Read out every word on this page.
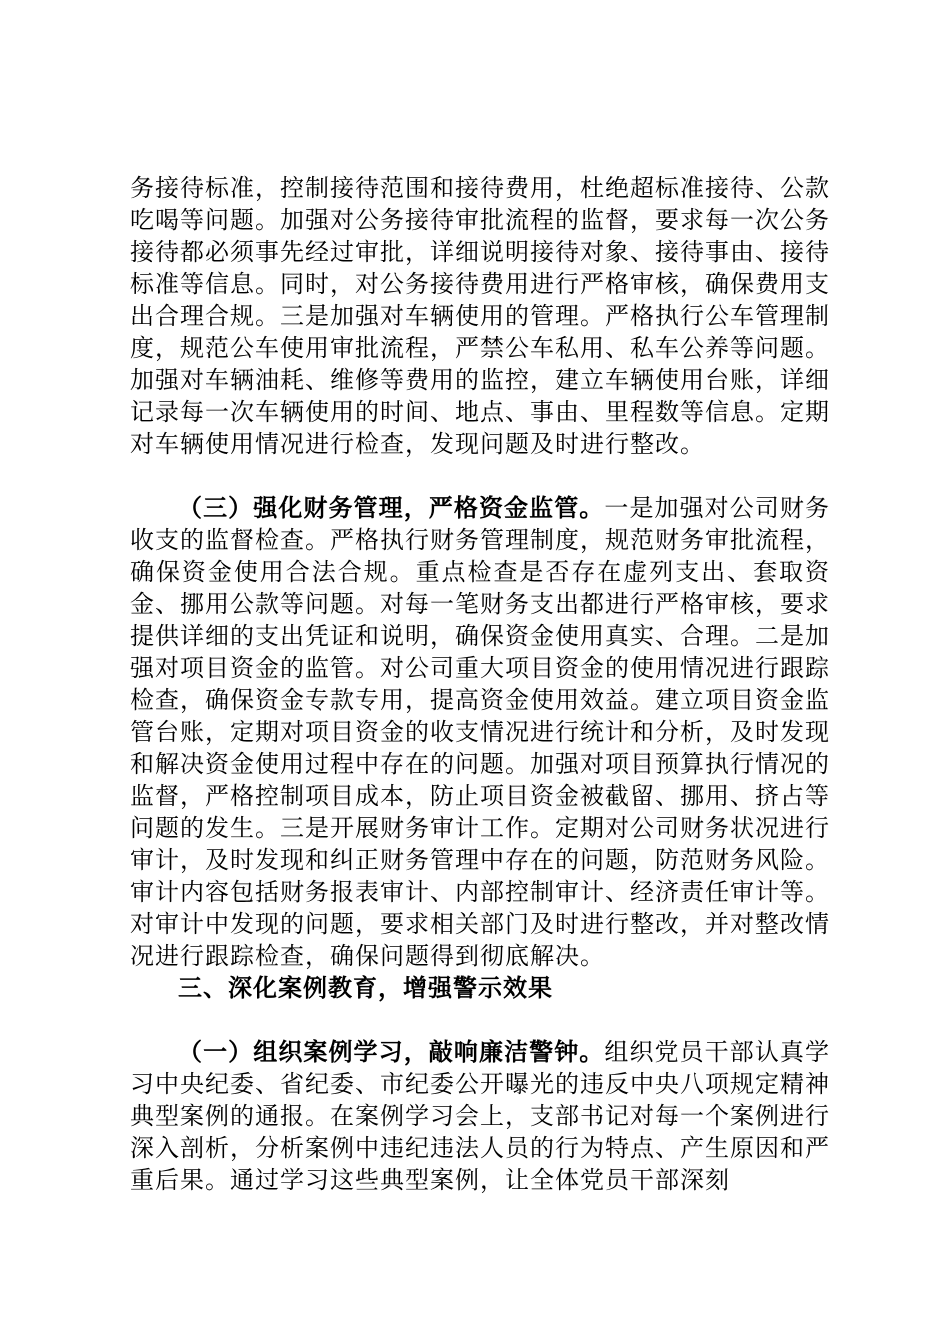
务接待标准，控制接待范围和接待费用，杜绝超标准接待、公款吃喝等问题。加强对公务接待审批流程的监督，要求每一次公务接待都必须事先经过审批，详细说明接待对象、接待事由、接待标准等信息。同时，对公务接待费用进行严格审核，确保费用支出合理合规。三是加强对车辆使用的管理。严格执行公车管理制度，规范公车使用审批流程，严禁公车私用、私车公养等问题。加强对车辆油耗、维修等费用的监控，建立车辆使用台账，详细记录每一次车辆使用的时间、地点、事由、里程数等信息。定期对车辆使用情况进行检查，发现问题及时进行整改。

（三）强化财务管理，严格资金监管。一是加强对公司财务收支的监督检查。严格执行财务管理制度，规范财务审批流程，确保资金使用合法合规。重点检查是否存在虚列支出、套取资金、挪用公款等问题。对每一笔财务支出都进行严格审核，要求提供详细的支出凭证和说明，确保资金使用真实、合理。二是加强对项目资金的监管。对公司重大项目资金的使用情况进行跟踪检查，确保资金专款专用，提高资金使用效益。建立项目资金监管台账，定期对项目资金的收支情况进行统计和分析，及时发现和解决资金使用过程中存在的问题。加强对项目预算执行情况的监督，严格控制项目成本，防止项目资金被截留、挪用、挤占等问题的发生。三是开展财务审计工作。定期对公司财务状况进行审计，及时发现和纠正财务管理中存在的问题，防范财务风险。审计内容包括财务报表审计、内部控制审计、经济责任审计等。对审计中发现的问题，要求相关部门及时进行整改，并对整改情况进行跟踪检查，确保问题得到彻底解决。

三、深化案例教育，增强警示效果

（一）组织案例学习，敲响廉洁警钟。组织党员干部认真学习中央纪委、省纪委、市纪委公开曝光的违反中央八项规定精神典型案例的通报。在案例学习会上，支部书记对每一个案例进行深入剖析，分析案例中违纪违法人员的行为特点、产生原因和严重后果。通过学习这些典型案例，让全体党员干部深刻
